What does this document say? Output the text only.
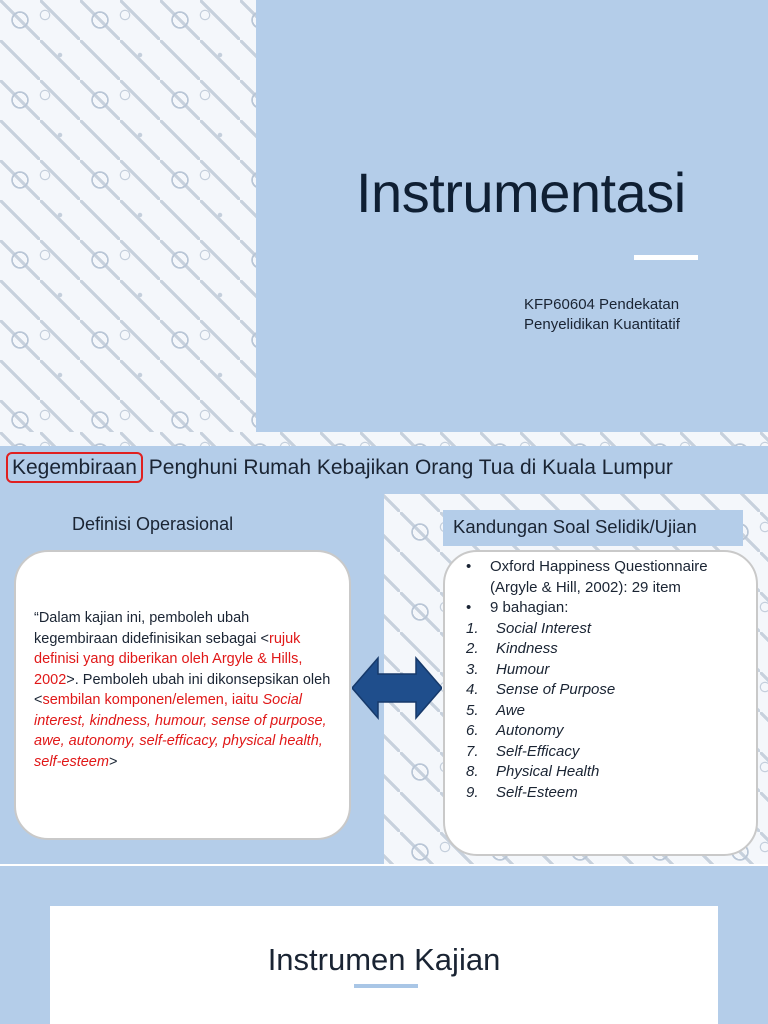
Instrumentasi
KFP60604 Pendekatan Penyelidikan Kuantitatif
Kegembiraan Penghuni Rumah Kebajikan Orang Tua di Kuala Lumpur
Definisi Operasional
“Dalam kajian ini, pemboleh ubah kegembiraan didefinisikan sebagai <rujuk definisi yang diberikan oleh Argyle & Hills, 2002>. Pemboleh ubah ini dikonsepsikan oleh <sembilan komponen/elemen, iaitu Social interest, kindness, humour, sense of purpose, awe, autonomy, self-efficacy, physical health, self-esteem>
Kandungan Soal Selidik/Ujian
•	Oxford Happiness Questionnaire (Argyle & Hill, 2002): 29 item
•	9 bahagian:
1.	Social Interest
2.	Kindness
3.	Humour
4.	Sense of Purpose
5.	Awe
6.	Autonomy
7.	Self-Efficacy
8.	Physical Health
9.	Self-Esteem
Instrumen Kajian
